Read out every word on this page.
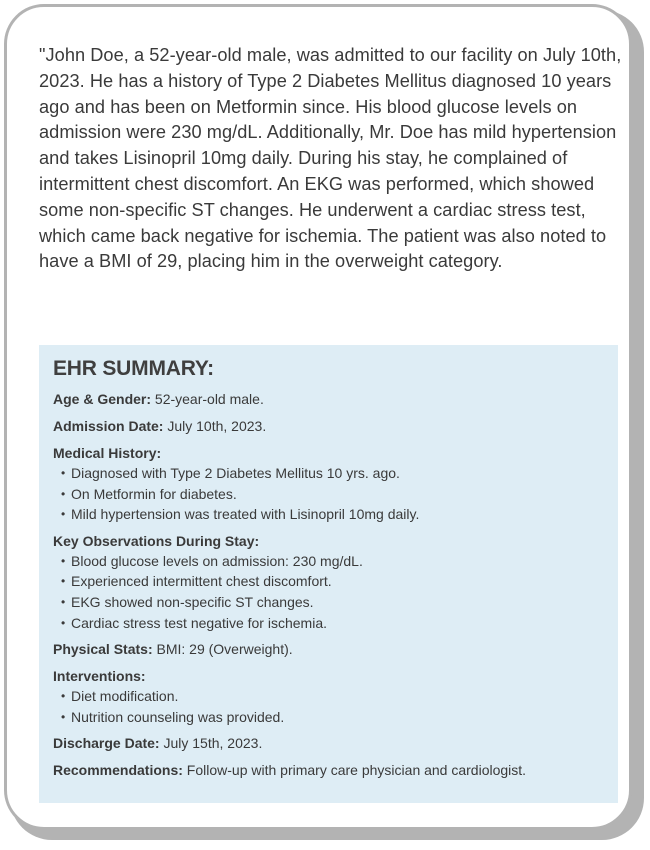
"John Doe, a 52-year-old male, was admitted to our facility on July 10th, 2023. He has a history of Type 2 Diabetes Mellitus diagnosed 10 years ago and has been on Metformin since. His blood glucose levels on admission were 230 mg/dL. Additionally, Mr. Doe has mild hypertension and takes Lisinopril 10mg daily. During his stay, he complained of intermittent chest discomfort. An EKG was performed, which showed some non-specific ST changes. He underwent a cardiac stress test, which came back negative for ischemia. The patient was also noted to have a BMI of 29, placing him in the overweight category.

EHR SUMMARY:
Age & Gender: 52-year-old male.
Admission Date: July 10th, 2023.
Medical History:
• Diagnosed with Type 2 Diabetes Mellitus 10 yrs. ago.
• On Metformin for diabetes.
• Mild hypertension was treated with Lisinopril 10mg daily.
Key Observations During Stay:
• Blood glucose levels on admission: 230 mg/dL.
• Experienced intermittent chest discomfort.
• EKG showed non-specific ST changes.
• Cardiac stress test negative for ischemia.
Physical Stats: BMI: 29 (Overweight).
Interventions:
• Diet modification.
• Nutrition counseling was provided.
Discharge Date: July 15th, 2023.
Recommendations: Follow-up with primary care physician and cardiologist.
